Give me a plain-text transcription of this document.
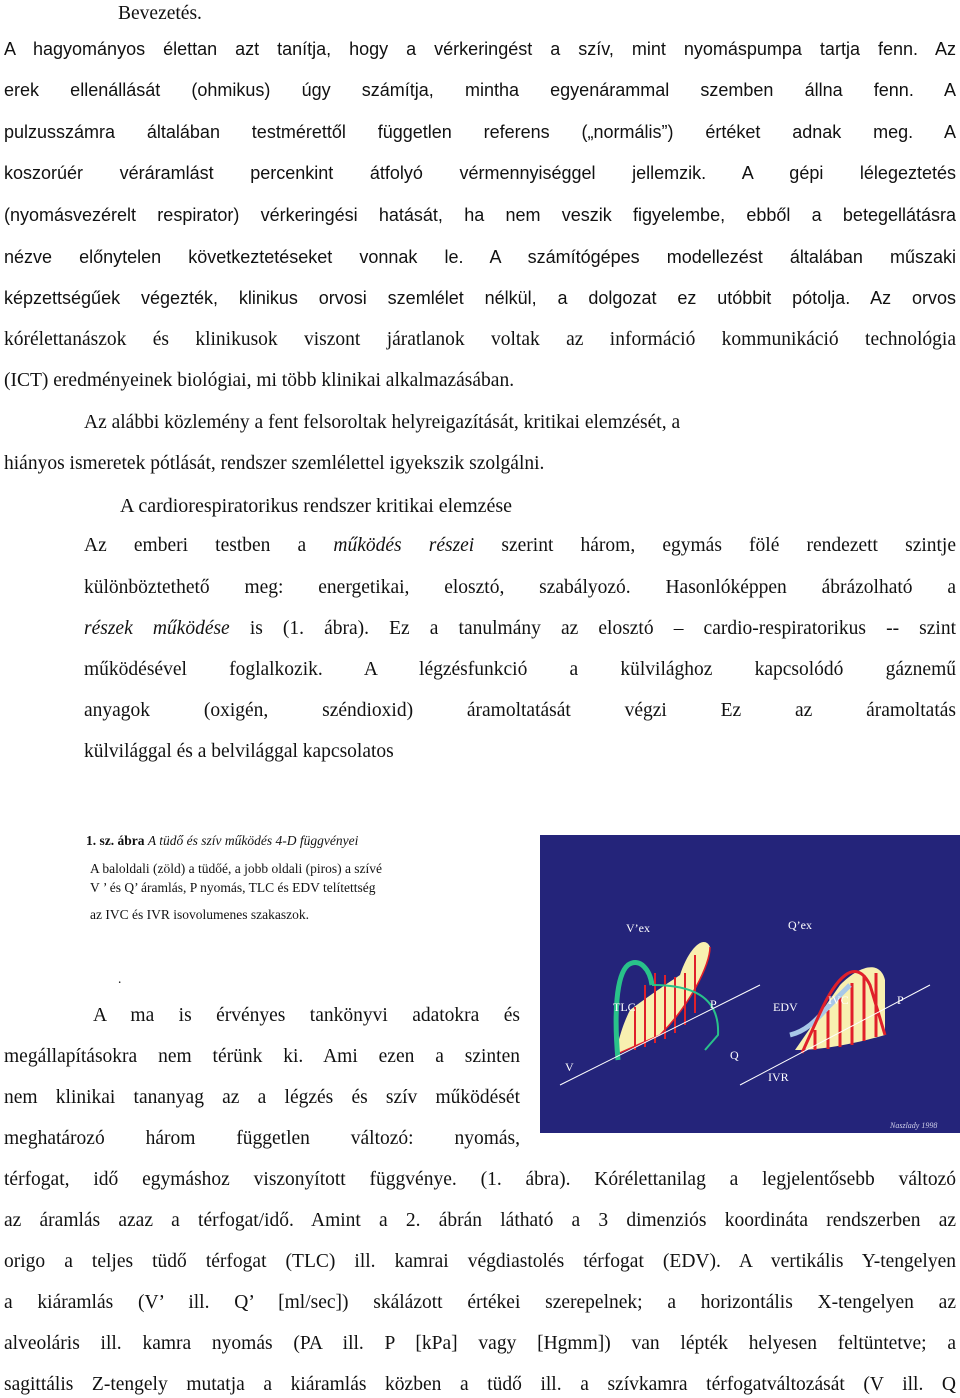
Bevezetés.
A hagyományos élettan azt tanítja, hogy a vérkeringést a szív, mint nyomáspumpa tartja fenn. Az
erek ellenállását (ohmikus) úgy számítja, mintha egyenárammal szemben állna fenn. A
pulzusszámra általában testmérettől független referens („normális”) értéket adnak meg. A
koszorúér véráramlást percenkint átfolyó vérmennyiséggel jellemzik. A gépi lélegeztetés
(nyomásvezérelt respirator) vérkeringési hatását, ha nem veszik figyelembe, ebből a betegellátásra
nézve előnytelen következtetéseket vonnak le. A számítógépes modellezést általában műszaki
képzettségűek végezték, klinikus orvosi szemlélet nélkül, a dolgozat ez utóbbit pótolja. Az orvos
kórélettanászok és klinikusok viszont járatlanok voltak az információ kommunikáció technológia
(ICT) eredményeinek biológiai, mi több klinikai alkalmazásában.
Az alábbi közlemény a fent felsoroltak helyreigazítását, kritikai elemzését, a
hiányos ismeretek pótlását, rendszer szemlélettel igyekszik szolgálni.
A cardiorespiratorikus rendszer kritikai elemzése
Az emberi testben a működés részei szerint három, egymás fölé rendezett szintje
különböztethető meg: energetikai, elosztó, szabályozó. Hasonlóképpen ábrázolható a
részek működése is (1. ábra). Ez a tanulmány az elosztó – cardio-respiratorikus -- szint
működésével foglalkozik. A légzésfunkció a külvilághoz kapcsolódó gáznemű
anyagok (oxigén, széndioxid) áramoltatását végzi Ez az áramoltatás
külvilággal és a belvilággal kapcsolatos
1. sz. ábra A tüdő és szív működés 4-D függvényei
A baloldali (zöld) a tüdőé, a jobb oldali (piros) a szívé
V ’ és Q’ áramlás, P nyomás, TLC és EDV telítettség
az IVC és IVR isovolumenes szakaszok.
.
V’ex	Q’ex
TLC	P	EDV	IVC	P
V
Q
IVR
Naszlady 1998
A ma is érvényes tankönyvi adatokra és
megállapításokra nem térünk ki. Ami ezen a szinten
nem klinikai tananyag az a légzés és szív működését
meghatározó három független változó: nyomás,
térfogat, idő egymáshoz viszonyított függvénye. (1. ábra). Kórélettanilag a legjelentősebb változó
az áramlás azaz a térfogat/idő. Amint a 2. ábrán látható a 3 dimenziós koordináta rendszerben az
origo a teljes tüdő térfogat (TLC) ill. kamrai végdiastolés térfogat (EDV). A vertikális Y-tengelyen
a kiáramlás (V’ ill. Q’ [ml/sec]) skálázott értékei szerepelnek; a horizontális X-tengelyen az
alveoláris ill. kamra nyomás (PA ill. P [kPa] vagy [Hgmm]) van lépték helyesen feltüntetve; a
sagittális Z-tengely mutatja a kiáramlás közben a tüdő ill. a szívkamra térfogatváltozását (V ill. Q
